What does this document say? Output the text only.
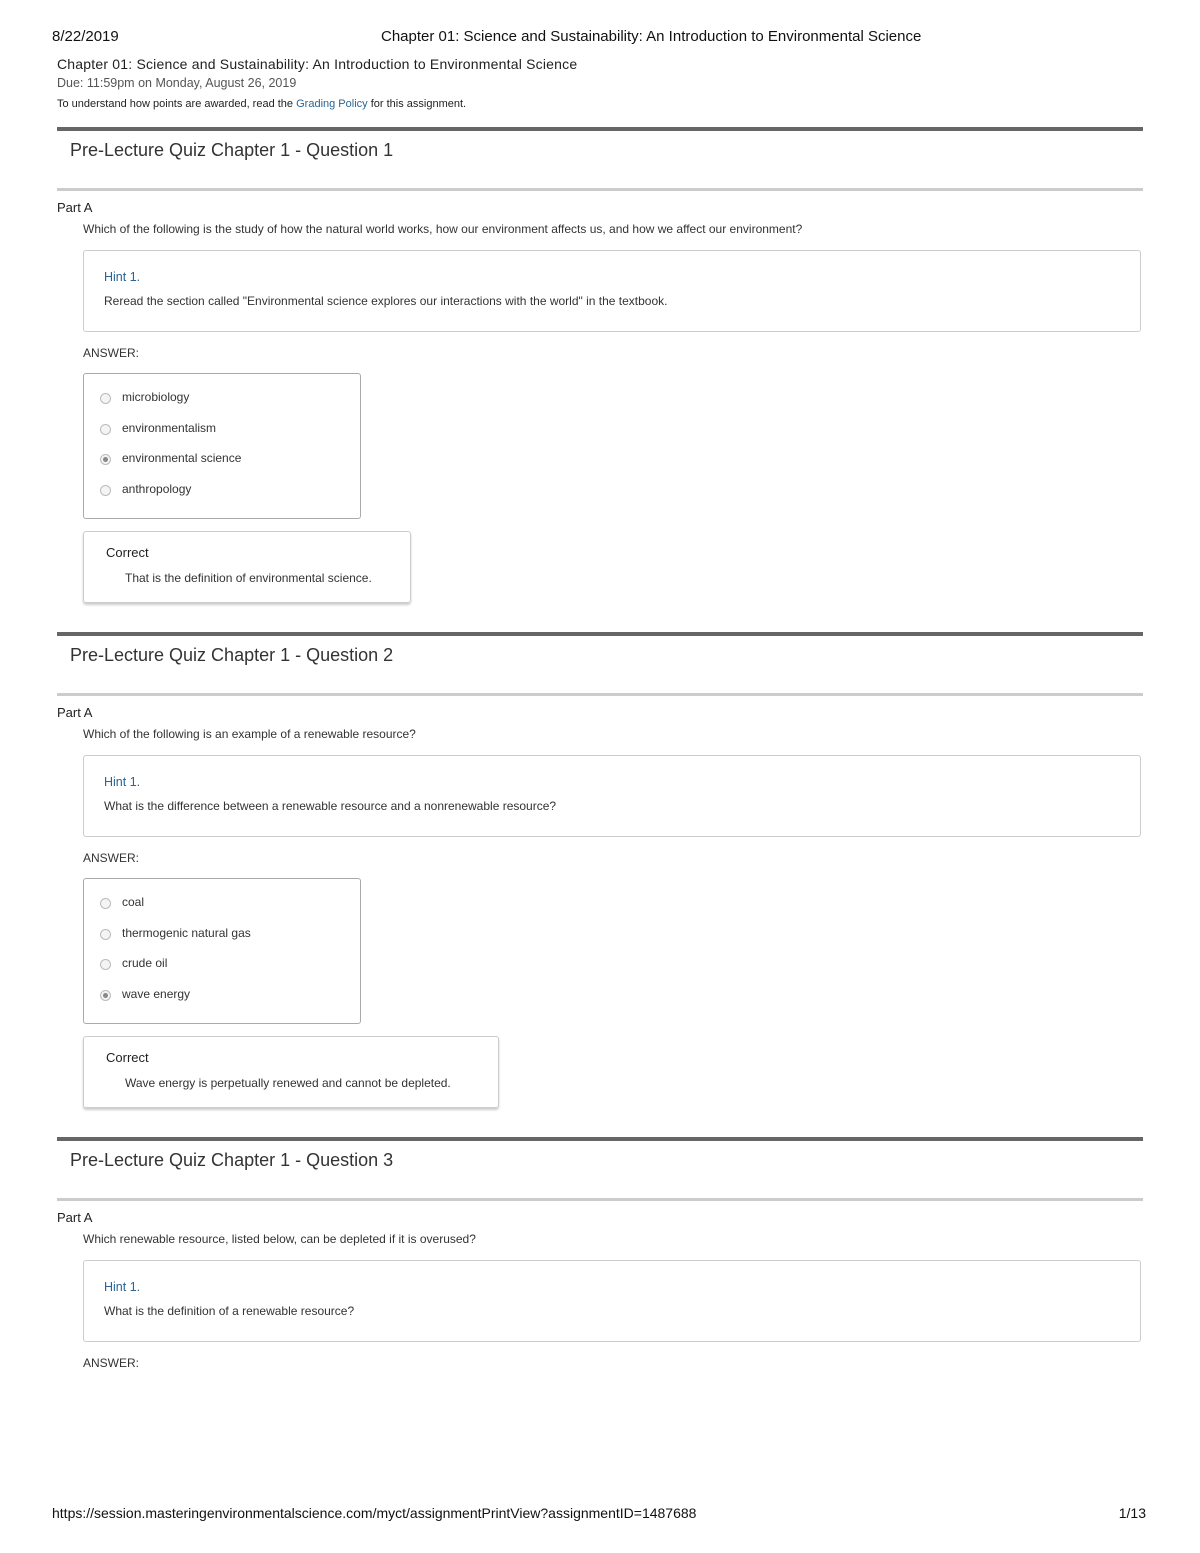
8/22/2019	Chapter 01: Science and Sustainability: An Introduction to Environmental Science
Chapter 01: Science and Sustainability: An Introduction to Environmental Science
Due: 11:59pm on Monday, August 26, 2019
To understand how points are awarded, read the Grading Policy for this assignment.
Pre-Lecture Quiz Chapter 1 - Question 1
Part A
Which of the following is the study of how the natural world works, how our environment affects us, and how we affect our environment?
Hint 1.
Reread the section called "Environmental science explores our interactions with the world" in the textbook.
ANSWER:
microbiology
environmentalism
environmental science
anthropology
Correct
That is the definition of environmental science.
Pre-Lecture Quiz Chapter 1 - Question 2
Part A
Which of the following is an example of a renewable resource?
Hint 1.
What is the difference between a renewable resource and a nonrenewable resource?
ANSWER:
coal
thermogenic natural gas
crude oil
wave energy
Correct
Wave energy is perpetually renewed and cannot be depleted.
Pre-Lecture Quiz Chapter 1 - Question 3
Part A
Which renewable resource, listed below, can be depleted if it is overused?
Hint 1.
What is the definition of a renewable resource?
ANSWER:
https://session.masteringenvironmentalscience.com/myct/assignmentPrintView?assignmentID=1487688	1/13
